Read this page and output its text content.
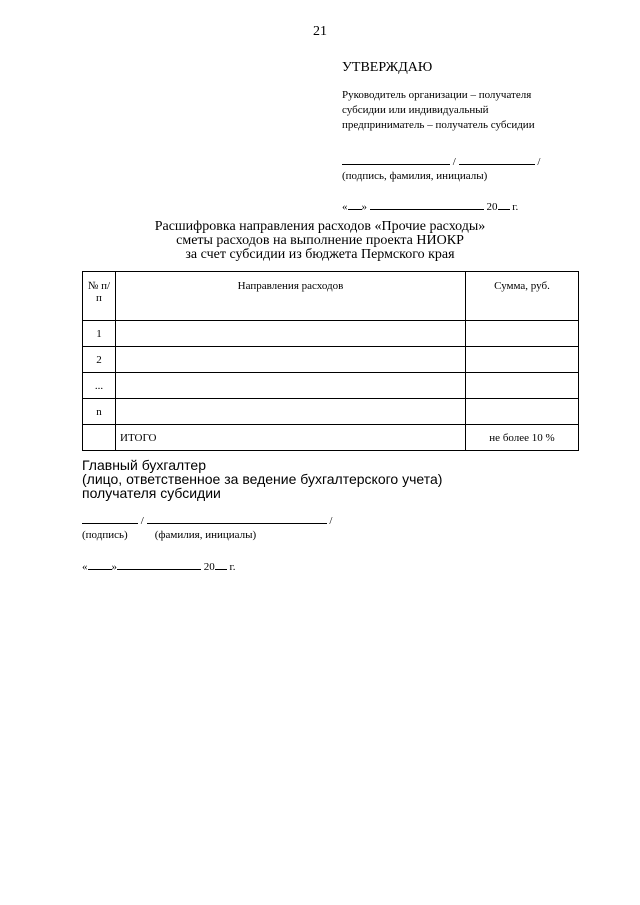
21
УТВЕРЖДАЮ
Руководитель организации – получателя
субсидии или индивидуальный
предприниматель – получатель субсидии
/	/
(подпись, фамилия, инициалы)
« »	20 г.
Расшифровка направления расходов «Прочие расходы»
сметы расходов на выполнение проекта НИОКР
за счет субсидии из бюджета Пермского края
№ п/п	Направления расходов	Сумма, руб.
1		
2		
...		
n		
	ИТОГО	не более 10 %
Главный бухгалтер
(лицо, ответственное за ведение бухгалтерского учета)
получателя субсидии
/	/
(подпись) (фамилия, инициалы)
« »	20 г.
